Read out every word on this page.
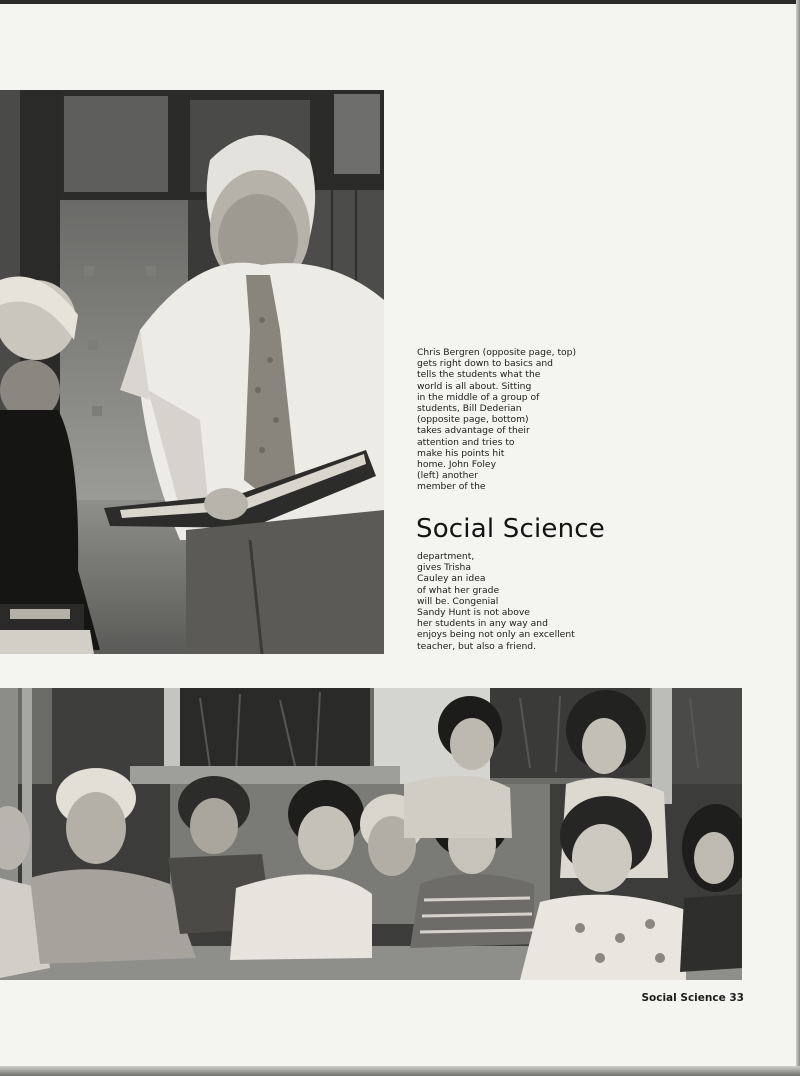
Chris Bergren (opposite page, top)
gets right down to basics and
tells the students what the
world is all about. Sitting
in the middle of a group of
students, Bill Dederian
(opposite page, bottom)
takes advantage of their
attention and tries to
make his points hit
home. John Foley
(left) another
member of the
Social Science
department,
gives Trisha
Cauley an idea
of what her grade
will be. Congenial
Sandy Hunt is not above
her students in any way and
enjoys being not only an excellent
teacher, but also a friend.
Social Science 33
